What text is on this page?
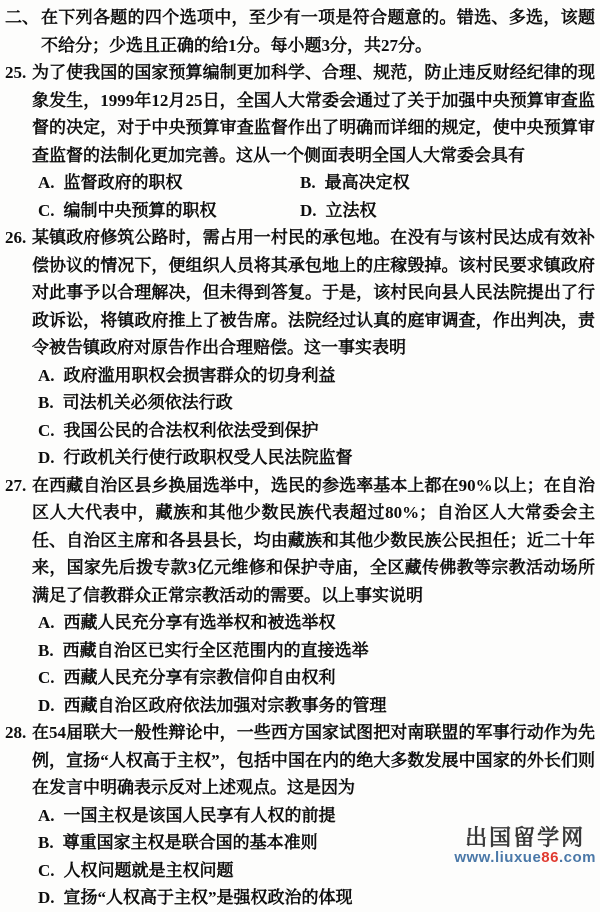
二、 在下列各题的四个选项中，至少有一项是符合题意的。错选、多选，该题不给分；少选且正确的给1分。每小题3分，共27分。
25. 为了使我国的国家预算编制更加科学、合理、规范，防止违反财经纪律的现象发生，1999年12月25日，全国人大常委会通过了关于加强中央预算审查监督的决定，对于中央预算审查监督作出了明确而详细的规定，使中央预算审查监督的法制化更加完善。这从一个侧面表明全国人大常委会具有
A. 监督政府的职权	B. 最高决定权
C. 编制中央预算的职权	D. 立法权
26. 某镇政府修筑公路时，需占用一村民的承包地。在没有与该村民达成有效补偿协议的情况下，便组织人员将其承包地上的庄稼毁掉。该村民要求镇政府对此事予以合理解决，但未得到答复。于是，该村民向县人民法院提出了行政诉讼，将镇政府推上了被告席。法院经过认真的庭审调查，作出判决，责令被告镇政府对原告作出合理赔偿。这一事实表明
A. 政府滥用职权会损害群众的切身利益
B. 司法机关必须依法行政
C. 我国公民的合法权利依法受到保护
D. 行政机关行使行政职权受人民法院监督
27. 在西藏自治区县乡换届选举中，选民的参选率基本上都在90%以上；在自治区人大代表中，藏族和其他少数民族代表超过80%；自治区人大常委会主任、自治区主席和各县县长，均由藏族和其他少数民族公民担任；近二十年来，国家先后拨专款3亿元维修和保护寺庙，全区藏传佛教等宗教活动场所满足了信教群众正常宗教活动的需要。以上事实说明
A. 西藏人民充分享有选举权和被选举权
B. 西藏自治区已实行全区范围内的直接选举
C. 西藏人民充分享有宗教信仰自由权利
D. 西藏自治区政府依法加强对宗教事务的管理
28. 在54届联大一般性辩论中，一些西方国家试图把对南联盟的军事行动作为先例，宣扬“人权高于主权”，包括中国在内的绝大多数发展中国家的外长们则在发言中明确表示反对上述观点。这是因为
A. 一国主权是该国人民享有人权的前提
B. 尊重国家主权是联合国的基本准则
C. 人权问题就是主权问题
D. 宣扬“人权高于主权”是强权政治的体现
出国留学网
www.liuxue86.com
